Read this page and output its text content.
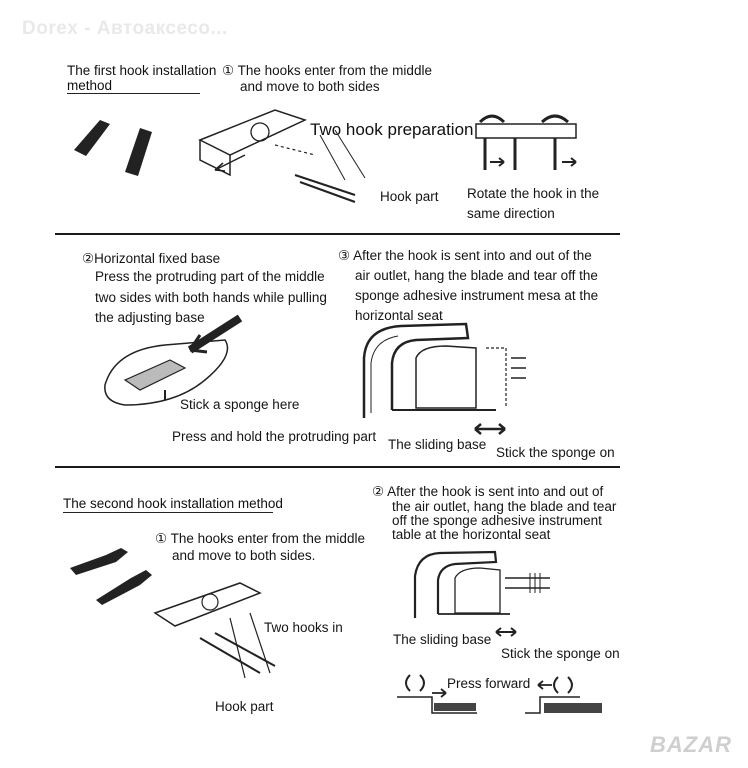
Dorex - Автоаксесо...
The first hook installation
method
① The hooks enter from the middle
and move to both sides
Two hook preparation
Hook part Rotate the hook in the
same direction
②Horizontal fixed base
Press the protruding part of the middle
two sides with both hands while pulling
the adjusting base
Stick a sponge here
Press and hold the protruding part
③ After the hook is sent into and out of the
air outlet, hang the blade and tear off the
sponge adhesive instrument mesa at the
horizontal seat
The sliding base
Stick the sponge on
The second hook installation method
① The hooks enter from the middle
and move to both sides.
Two hooks in
Hook part
② After the hook is sent into and out of
the air outlet, hang the blade and tear
off the sponge adhesive instrument
table at the horizontal seat
The sliding base
Stick the sponge on
Press forward
BAZAR
